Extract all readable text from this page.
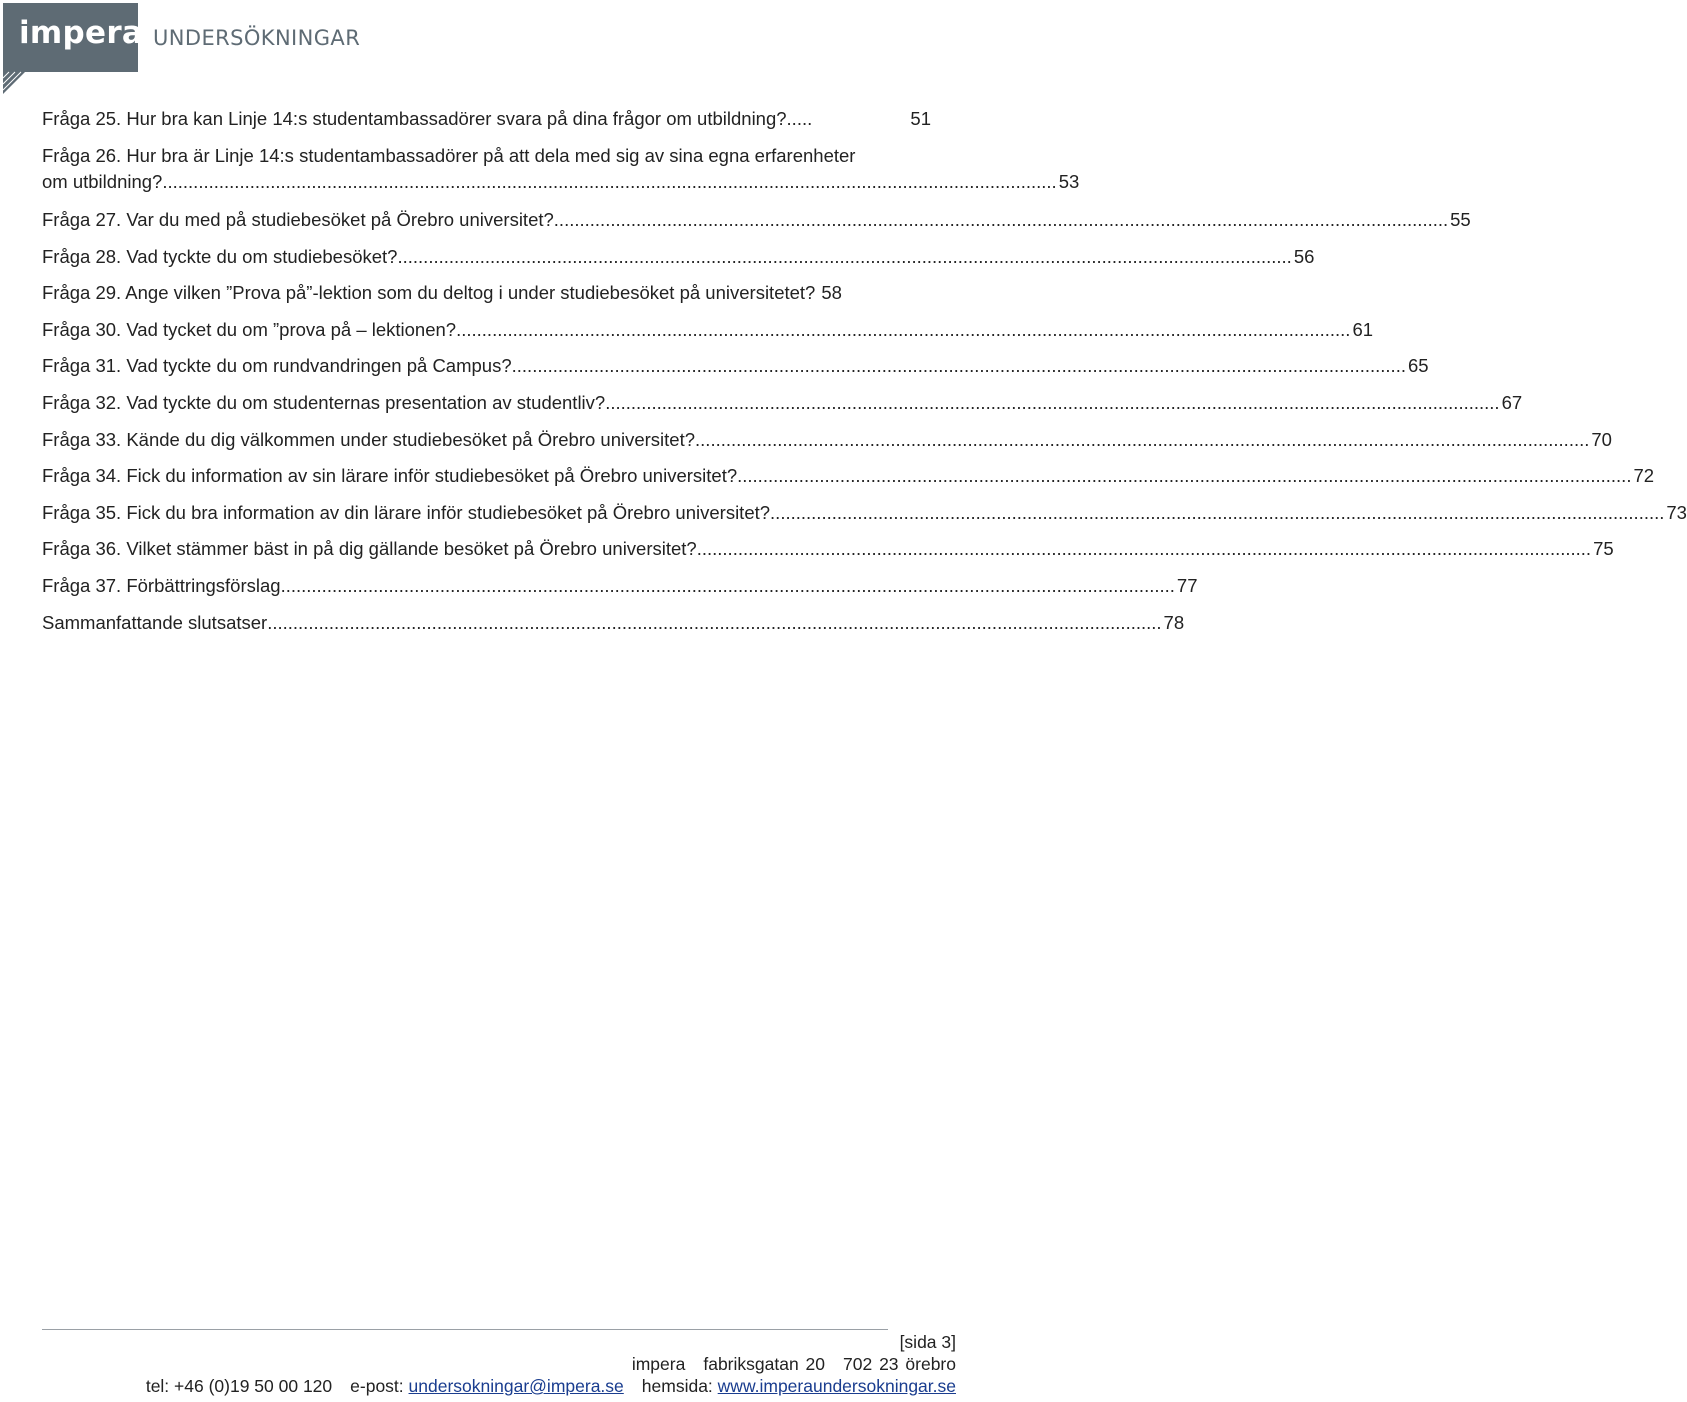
impera UNDERSÖKNINGAR
Fråga 25. Hur bra kan Linje 14:s studentambassadörer svara på dina frågor om utbildning? .....	51
Fråga 26. Hur bra är Linje 14:s studentambassadörer på att dela med sig av sina egna erfarenheter
om utbildning? .............................................................................................................................................................................. 53
Fråga 27. Var du med på studiebesöket på Örebro universitet? .............................................................................................................................................................................. 55
Fråga 28. Vad tyckte du om studiebesöket? .............................................................................................................................................................................. 56
Fråga 29. Ange vilken ”Prova på”-lektion som du deltog i under studiebesöket på universitetet? 58
Fråga 30. Vad tycket du om ”prova på – lektionen? .............................................................................................................................................................................. 61
Fråga 31. Vad tyckte du om rundvandringen på Campus? .............................................................................................................................................................................. 65
Fråga 32. Vad tyckte du om studenternas presentation av studentliv? .............................................................................................................................................................................. 67
Fråga 33. Kände du dig välkommen under studiebesöket på Örebro universitet? .............................................................................................................................................................................. 70
Fråga 34. Fick du information av sin lärare inför studiebesöket på Örebro universitet? .............................................................................................................................................................................. 72
Fråga 35. Fick du bra information av din lärare inför studiebesöket på Örebro universitet? .............................................................................................................................................................................. 73
Fråga 36. Vilket stämmer bäst in på dig gällande besöket på Örebro universitet? .............................................................................................................................................................................. 75
Fråga 37. Förbättringsförslag .............................................................................................................................................................................. 77
Sammanfattande slutsatser .............................................................................................................................................................................. 78
[sida 3]
impera fabriksgatan 20 702 23 örebro
tel: +46 (0)19 50 00 120 e-post: undersokningar@impera.se hemsida: www.imperaundersokningar.se
